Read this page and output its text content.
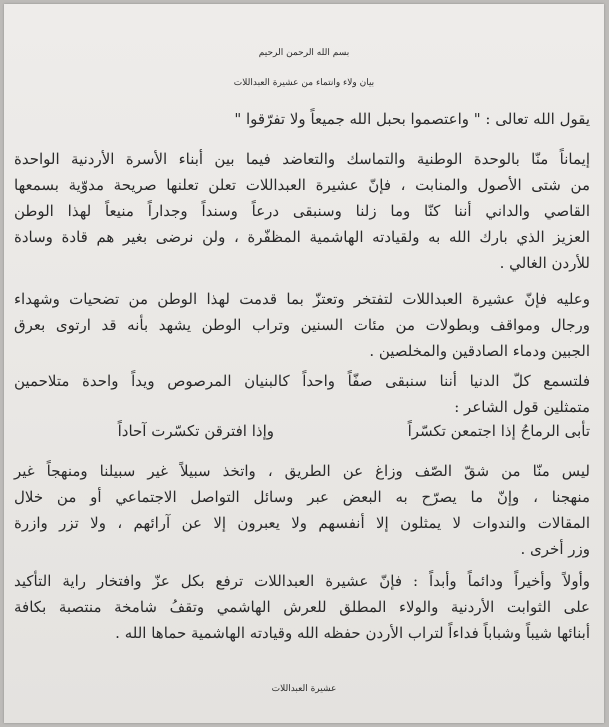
بسم الله الرحمن الرحيم
بيان ولاء وانتماء من عشيرة العبداللات
يقول الله تعالى : " واعتصموا بحبل الله جميعاً ولا تفرّقوا "
إيماناً منّا بالوحدة الوطنية والتماسك والتعاضد فيما بين أبناء الأسرة الأردنية الواحدة
من شتى الأصول والمنابت ، فإنّ عشيرة العبداللات تعلن تعلنها صريحة مدوّية بسمعها
القاصي والداني أننا كنّا وما زلنا وسنبقى درعاً وسنداً وجداراً منيعاً لهذا الوطن
العزيز الذي بارك الله به ولقيادته الهاشمية المظفّرة ، ولن نرضى بغير هم قادة وسادة
للأردن الغالي .
وعليه فإنّ عشيرة العبداللات لتفتخر وتعتزّ بما قدمت لهذا الوطن من تضحيات وشهداء
ورجال ومواقف وبطولات من مئات السنين وتراب الوطن يشهد بأنه قد ارتوى بعرق
الجبين ودماء الصادقين والمخلصين .
فلتسمع كلّ الدنيا أننا سنبقى صفّاً واحداً كالبنيان المرصوص ويداً واحدة متلاحمين
متمثلين قول الشاعر :
تأبى الرماحُ إذا اجتمعن تكسّراً
وإذا افترقن تكسّرت آحاداً
ليس منّا من شقّ الصّف وزاغ عن الطريق ، واتخذ سبيلاً غير سبيلنا ومنهجاً غير
منهجنا ، وإنّ ما يصرّح به البعض عبر وسائل التواصل الاجتماعي أو من خلال
المقالات والندوات لا يمثلون إلا أنفسهم ولا يعبرون إلا عن آرائهم ، ولا تزر وازرة
وزر أخرى .
وأولاً وأخيراً ودائماً وأبداً : فإنّ عشيرة العبداللات ترفع بكل عزّ وافتخار راية التأكيد
على الثوابت الأردنية والولاء المطلق للعرش الهاشمي وتقفُ شامخة منتصبة بكافة
أبنائها شيباً وشباباً فداءاً لتراب الأردن حفظه الله وقيادته الهاشمية حماها الله .
عشيرة العبداللات
